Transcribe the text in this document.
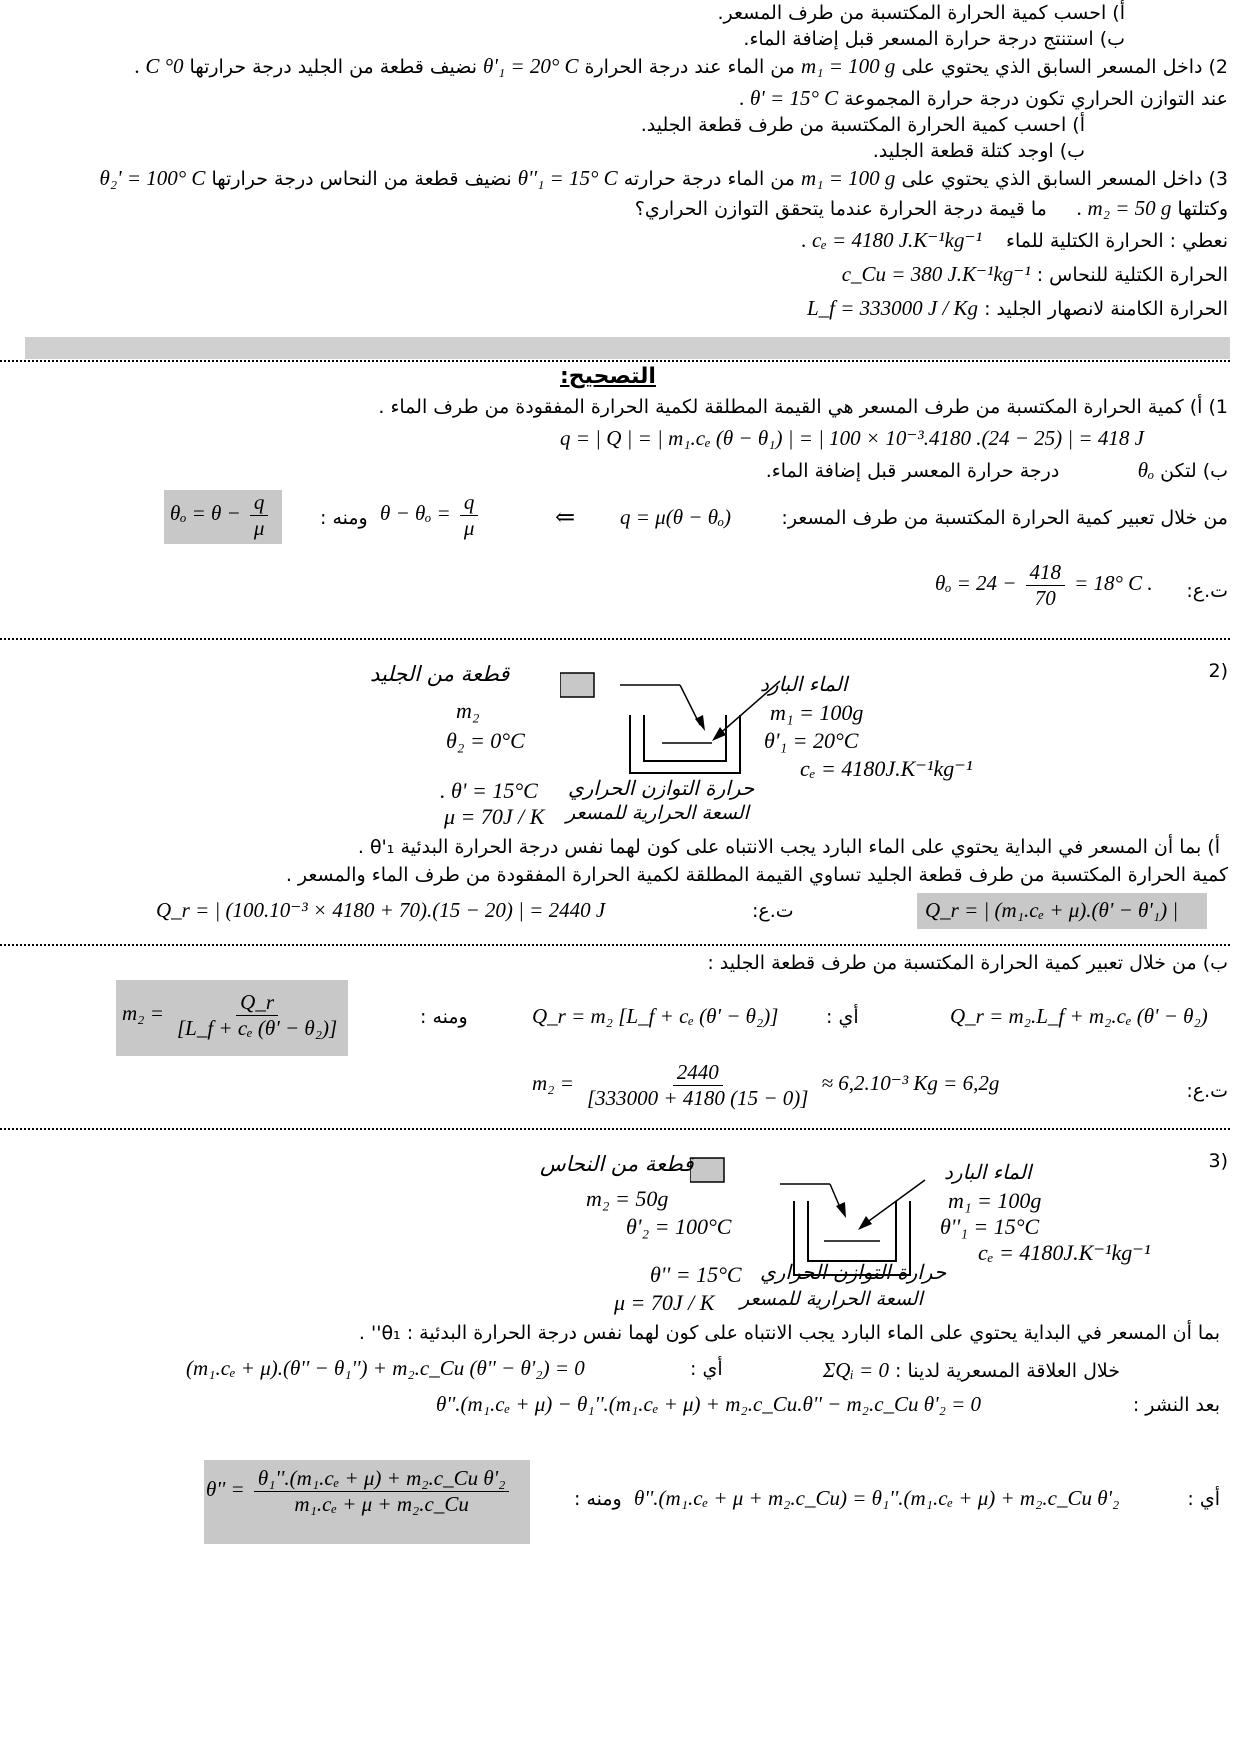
أ) احسب كمية الحرارة المكتسبة من طرف المسعر.
ب) استنتج درجة حرارة المسعر قبل إضافة الماء.
2) داخل المسعر السابق الذي يحتوي على m₁ = 100 g من الماء عند درجة الحرارة θ'₁ = 20° C نضيف قطعة من الجليد درجة حرارتها 0° C .
عند التوازن الحراري تكون درجة حرارة المجموعة θ' = 15° C .
أ) احسب كمية الحرارة المكتسبة من طرف قطعة الجليد.
ب) اوجد كتلة قطعة الجليد.
3) داخل المسعر السابق الذي يحتوي على m₁ = 100 g من الماء درجة حرارته θ''₁ = 15° C نضيف قطعة من النحاس درجة حرارتها θ₂' = 100° C
وكتلتها m₂ = 50 g .     ما قيمة درجة الحرارة عندما يتحقق التوازن الحراري؟
نعطي : الحرارة الكتلية للماء    cₑ = 4180 J.K⁻¹kg⁻¹ .
الحرارة الكتلية للنحاس : c_Cu = 380 J.K⁻¹kg⁻¹
الحرارة الكامنة لانصهار الجليد : L_f = 333000 J / Kg
التصحيح:
1) أ) كمية الحرارة المكتسبة من طرف المسعر هي القيمة المطلقة لكمية الحرارة المفقودة من طرف الماء .
q = | Q | = | m₁.cₑ (θ − θ₁) | = | 100 × 10⁻³.4180 .(24 − 25) | = 418 J
ب) لتكن θₒ             درجة حرارة المعسر قبل إضافة الماء.
من خلال تعبير كمية الحرارة المكتسبة من طرف المسعر:
q = μ(θ − θₒ)
⇐
$\theta - \theta_o = \frac{q}{\mu}$
ومنه :
$\theta_o = \theta - \frac{q}{\mu}$
ت.ع:
$\theta_o = 24 - \frac{418}{70} = 18^\circ$ C .
(2
قطعة من الجليد	الماء البارد
m₂
θ₂ = 0°C
m₁ = 100g
θ'₁ = 20°C
cₑ = 4180J.K⁻¹kg⁻¹
. θ' = 15°C حرارة التوازن الحراري
μ = 70J / K السعة الحرارية للمسعر
أ) بما أن المسعر في البداية يحتوي على الماء البارد يجب الانتباه على كون لهما نفس درجة الحرارة البدئية θ'₁ .
كمية الحرارة المكتسبة من طرف قطعة الجليد تساوي القيمة المطلقة لكمية الحرارة المفقودة من طرف الماء والمسعر .
Q_r = | (100.10⁻³ × 4180 + 70).(15 − 20) | = 2440 J	ت.ع:	Q_r = | (m₁.cₑ + μ).(θ' − θ'₁) |
ب) من خلال تعبير كمية الحرارة المكتسبة من طرف قطعة الجليد :
$m_2 = \frac{Q\_r}{\text{[L\_f + cₑ (θ' − θ₂)]}}$	ومنه :	Q_r = m₂ [L_f + cₑ (θ' − θ₂)]	أي :	Q_r = m₂.L_f + m₂.cₑ (θ' − θ₂)
$m_2 = \frac{2440}{[333000 + 4180 (15 - 0)]} \approx 6,2.10^{-3}$ Kg = 6,2g	ت.ع:
(3
قطعة من النحاس	الماء البارد
m₂ = 50g
θ'₂ = 100°C
m₁ = 100g
θ''₁ = 15°C
cₑ = 4180J.K⁻¹kg⁻¹
θ'' = 15°C حرارة التوازن الحراري
μ = 70J / K السعة الحرارية للمسعر
بما أن المسعر في البداية يحتوي على الماء البارد يجب الانتباه على كون لهما نفس درجة الحرارة البدئية : θ₁'' .
خلال العلاقة المسعرية لدينا : ΣQᵢ = 0
أي :
(m₁.cₑ + μ).(θ'' − θ₁'') + m₂.c_Cu (θ'' − θ'₂) = 0
بعد النشر :
θ''.(m₁.cₑ + μ) − θ₁''.(m₁.cₑ + μ) + m₂.c_Cu.θ'' − m₂.c_Cu θ'₂ = 0
أي :
θ''.(m₁.cₑ + μ + m₂.c_Cu) = θ₁''.(m₁.cₑ + μ) + m₂.c_Cu θ'₂
ومنه :
$\theta'' = \frac{\text{θ₁''.(m₁.cₑ + μ) + m₂.c\_Cu θ'₂}}{\text{m₁.cₑ + μ + m₂.c\_Cu}}$
